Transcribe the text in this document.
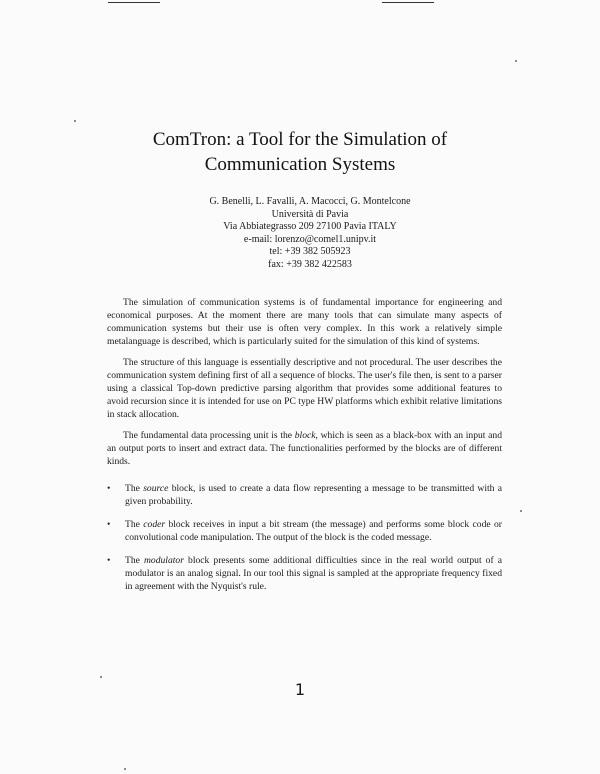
ComTron: a Tool for the Simulation of
Communication Systems
G. Benelli, L. Favalli, A. Macocci, G. Montelcone
Università di Pavia
Via Abbiategrasso 209 27100 Pavia ITALY
e-mail: lorenzo@comel1.unipv.it
tel: +39 382 505923
fax: +39 382 422583

The simulation of communication systems is of fundamental importance for engineering and economical purposes. At the moment there are many tools that can simulate many aspects of communication systems but their use is often very complex. In this work a relatively simple metalanguage is described, which is particularly suited for the simulation of this kind of systems.

The structure of this language is essentially descriptive and not procedural. The user describes the communication system defining first of all a sequence of blocks. The user's file then, is sent to a parser using a classical Top-down predictive parsing algorithm that provides some additional features to avoid recursion since it is intended for use on PC type HW platforms which exhibit relative limitations in stack allocation.

The fundamental data processing unit is the block, which is seen as a black-box with an input and an output ports to insert and extract data. The functionalities performed by the blocks are of different kinds.

• The source block, is used to create a data flow representing a message to be transmitted with a given probability.
• The coder block receives in input a bit stream (the message) and performs some block code or convolutional code manipulation. The output of the block is the coded message.
• The modulator block presents some additional difficulties since in the real world output of a modulator is an analog signal. In our tool this signal is sampled at the appropriate frequency fixed in agreement with the Nyquist's rule.
1
